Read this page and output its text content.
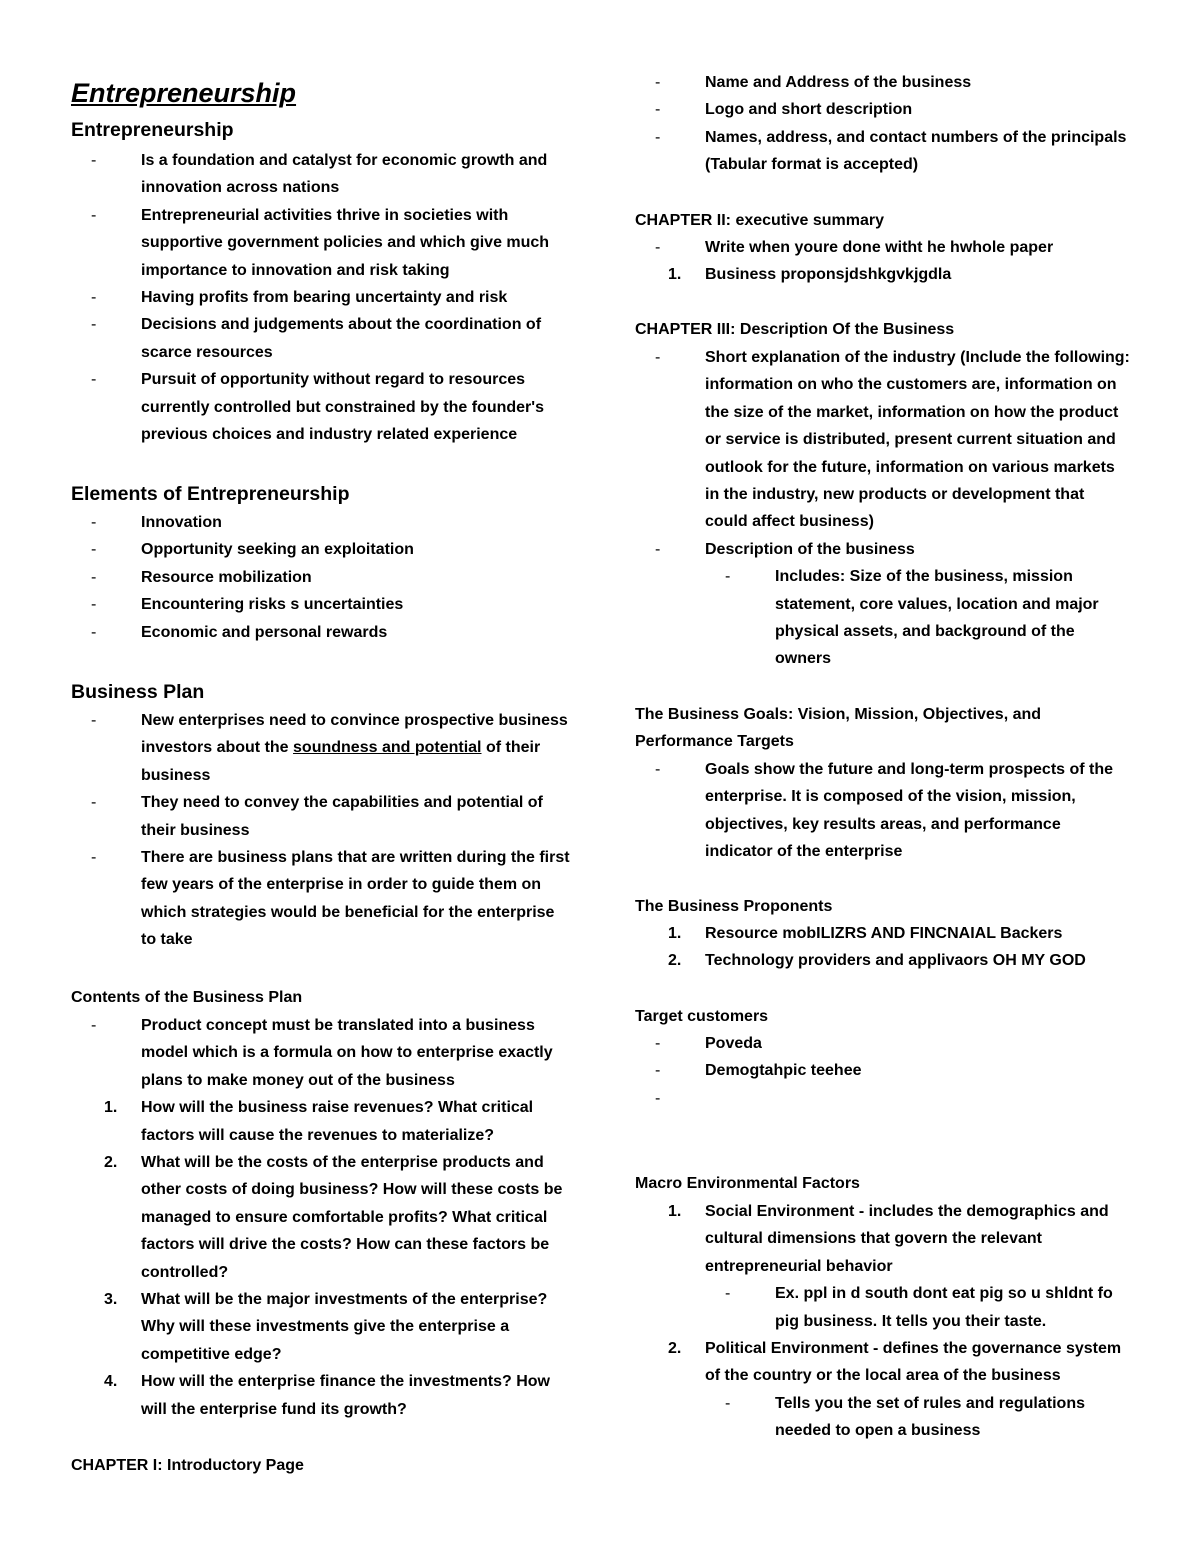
Entrepreneurship
Entrepreneurship
-	Is a foundation and catalyst for economic growth and innovation across nations
-	Entrepreneurial activities thrive in societies with supportive government policies and which give much importance to innovation and risk taking
-	Having profits from bearing uncertainty and risk
-	Decisions and judgements about the coordination of scarce resources
-	Pursuit of opportunity without regard to resources currently controlled but constrained by the founder's previous choices and industry related experience
Elements of Entrepreneurship
-	Innovation
-	Opportunity seeking an exploitation
-	Resource mobilization
-	Encountering risks s uncertainties
-	Economic and personal rewards
Business Plan
-	New enterprises need to convince prospective business investors about the soundness and potential of their business
-	They need to convey the capabilities and potential of their business
-	There are business plans that are written during the first few years of the enterprise in order to guide them on which strategies would be beneficial for the enterprise to take
Contents of the Business Plan
-	Product concept must be translated into a business model which is a formula on how to enterprise exactly plans to make money out of the business
1.	How will the business raise revenues? What critical factors will cause the revenues to materialize?
2.	What will be the costs of the enterprise products and other costs of doing business? How will these costs be managed to ensure comfortable profits? What critical factors will drive the costs? How can these factors be controlled?
3.	What will be the major investments of the enterprise? Why will these investments give the enterprise a competitive edge?
4.	How will the enterprise finance the investments? How will the enterprise fund its growth?
CHAPTER I: Introductory Page
-	Name and Address of the business
-	Logo and short description
-	Names, address, and contact numbers of the principals (Tabular format is accepted)
CHAPTER II: executive summary
-	Write when youre done witht he hwhole paper
1.	Business proponsjdshkgvkjgdla
CHAPTER III: Description Of the Business
-	Short explanation of the industry (Include the following: information on who the customers are, information on the size of the market, information on how the product or service is distributed, present current situation and outlook for the future, information on various markets in the industry, new products or development that could affect business)
-	Description of the business
-	Includes: Size of the business, mission statement, core values, location and major physical assets, and background of the owners
The Business Goals: Vision, Mission, Objectives, and Performance Targets
-	Goals show the future and long-term prospects of the enterprise. It is composed of the vision, mission, objectives, key results areas, and performance indicator of the enterprise
The Business Proponents
1.	Resource mobILIZRS AND FINCNAIAL Backers
2.	Technology providers and applivaors OH MY GOD
Target customers
-	Poveda
-	Demogtahpic teehee
-
Macro Environmental Factors
1.	Social Environment - includes the demographics and cultural dimensions that govern the relevant entrepreneurial behavior
-	Ex. ppl in d south dont eat pig so u shldnt fo pig business. It tells you their taste.
2.	Political Environment - defines the governance system of the country or the local area of the business
-	Tells you the set of rules and regulations needed to open a business
